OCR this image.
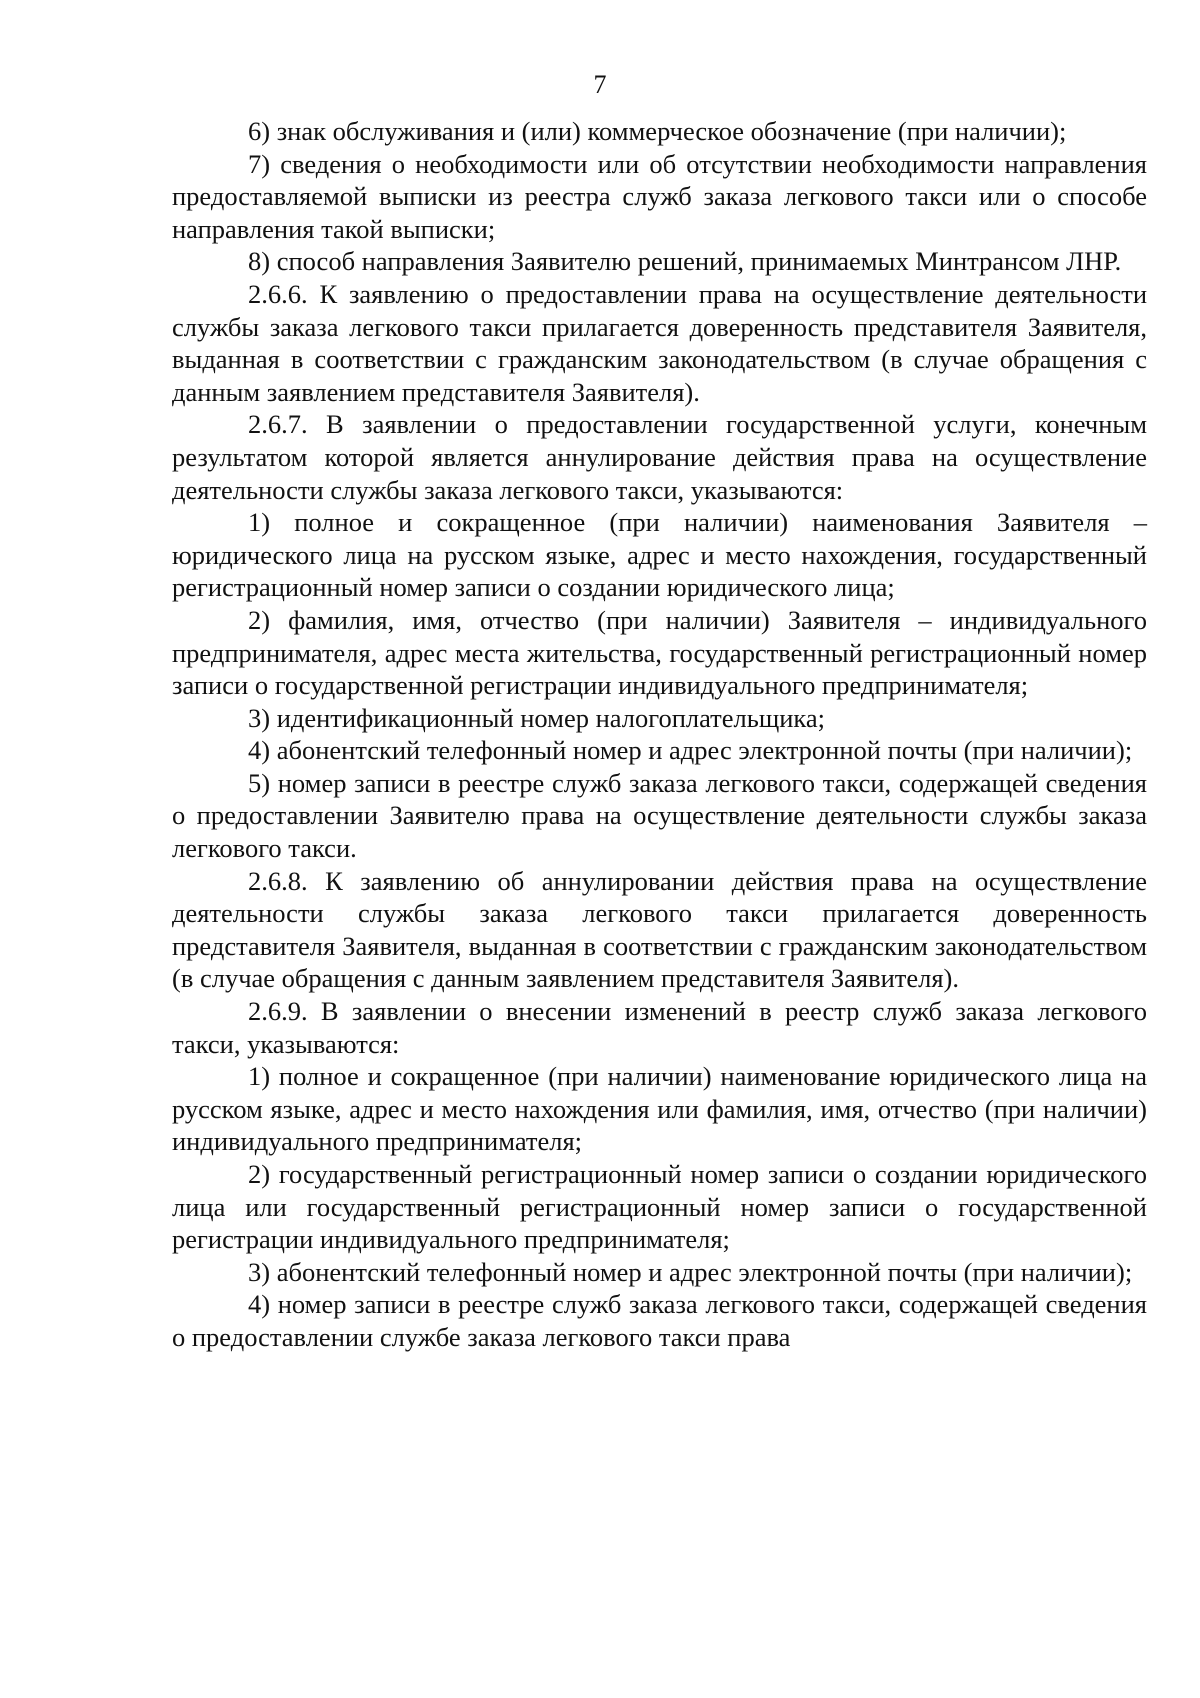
7

6) знак обслуживания и (или) коммерческое обозначение (при наличии);

7) сведения о необходимости или об отсутствии необходимости направления предоставляемой выписки из реестра служб заказа легкового такси или о способе направления такой выписки;

8) способ направления Заявителю решений, принимаемых Минтрансом ЛНР.

2.6.6. К заявлению о предоставлении права на осуществление деятельности службы заказа легкового такси прилагается доверенность представителя Заявителя, выданная в соответствии с гражданским законодательством (в случае обращения с данным заявлением представителя Заявителя).

2.6.7. В заявлении о предоставлении государственной услуги, конечным результатом которой является аннулирование действия права на осуществление деятельности службы заказа легкового такси, указываются:

1) полное и сокращенное (при наличии) наименования Заявителя – юридического лица на русском языке, адрес и место нахождения, государственный регистрационный номер записи о создании юридического лица;

2) фамилия, имя, отчество (при наличии) Заявителя – индивидуального предпринимателя, адрес места жительства, государственный регистрационный номер записи о государственной регистрации индивидуального предпринимателя;

3) идентификационный номер налогоплательщика;

4) абонентский телефонный номер и адрес электронной почты (при наличии);

5) номер записи в реестре служб заказа легкового такси, содержащей сведения о предоставлении Заявителю права на осуществление деятельности службы заказа легкового такси.

2.6.8. К заявлению об аннулировании действия права на осуществление деятельности службы заказа легкового такси прилагается доверенность представителя Заявителя, выданная в соответствии с гражданским законодательством (в случае обращения с данным заявлением представителя Заявителя).

2.6.9. В заявлении о внесении изменений в реестр служб заказа легкового такси, указываются:

1) полное и сокращенное (при наличии) наименование юридического лица на русском языке, адрес и место нахождения или фамилия, имя, отчество (при наличии) индивидуального предпринимателя;

2) государственный регистрационный номер записи о создании юридического лица или государственный регистрационный номер записи о государственной регистрации индивидуального предпринимателя;

3) абонентский телефонный номер и адрес электронной почты (при наличии);

4) номер записи в реестре служб заказа легкового такси, содержащей сведения о предоставлении службе заказа легкового такси права
